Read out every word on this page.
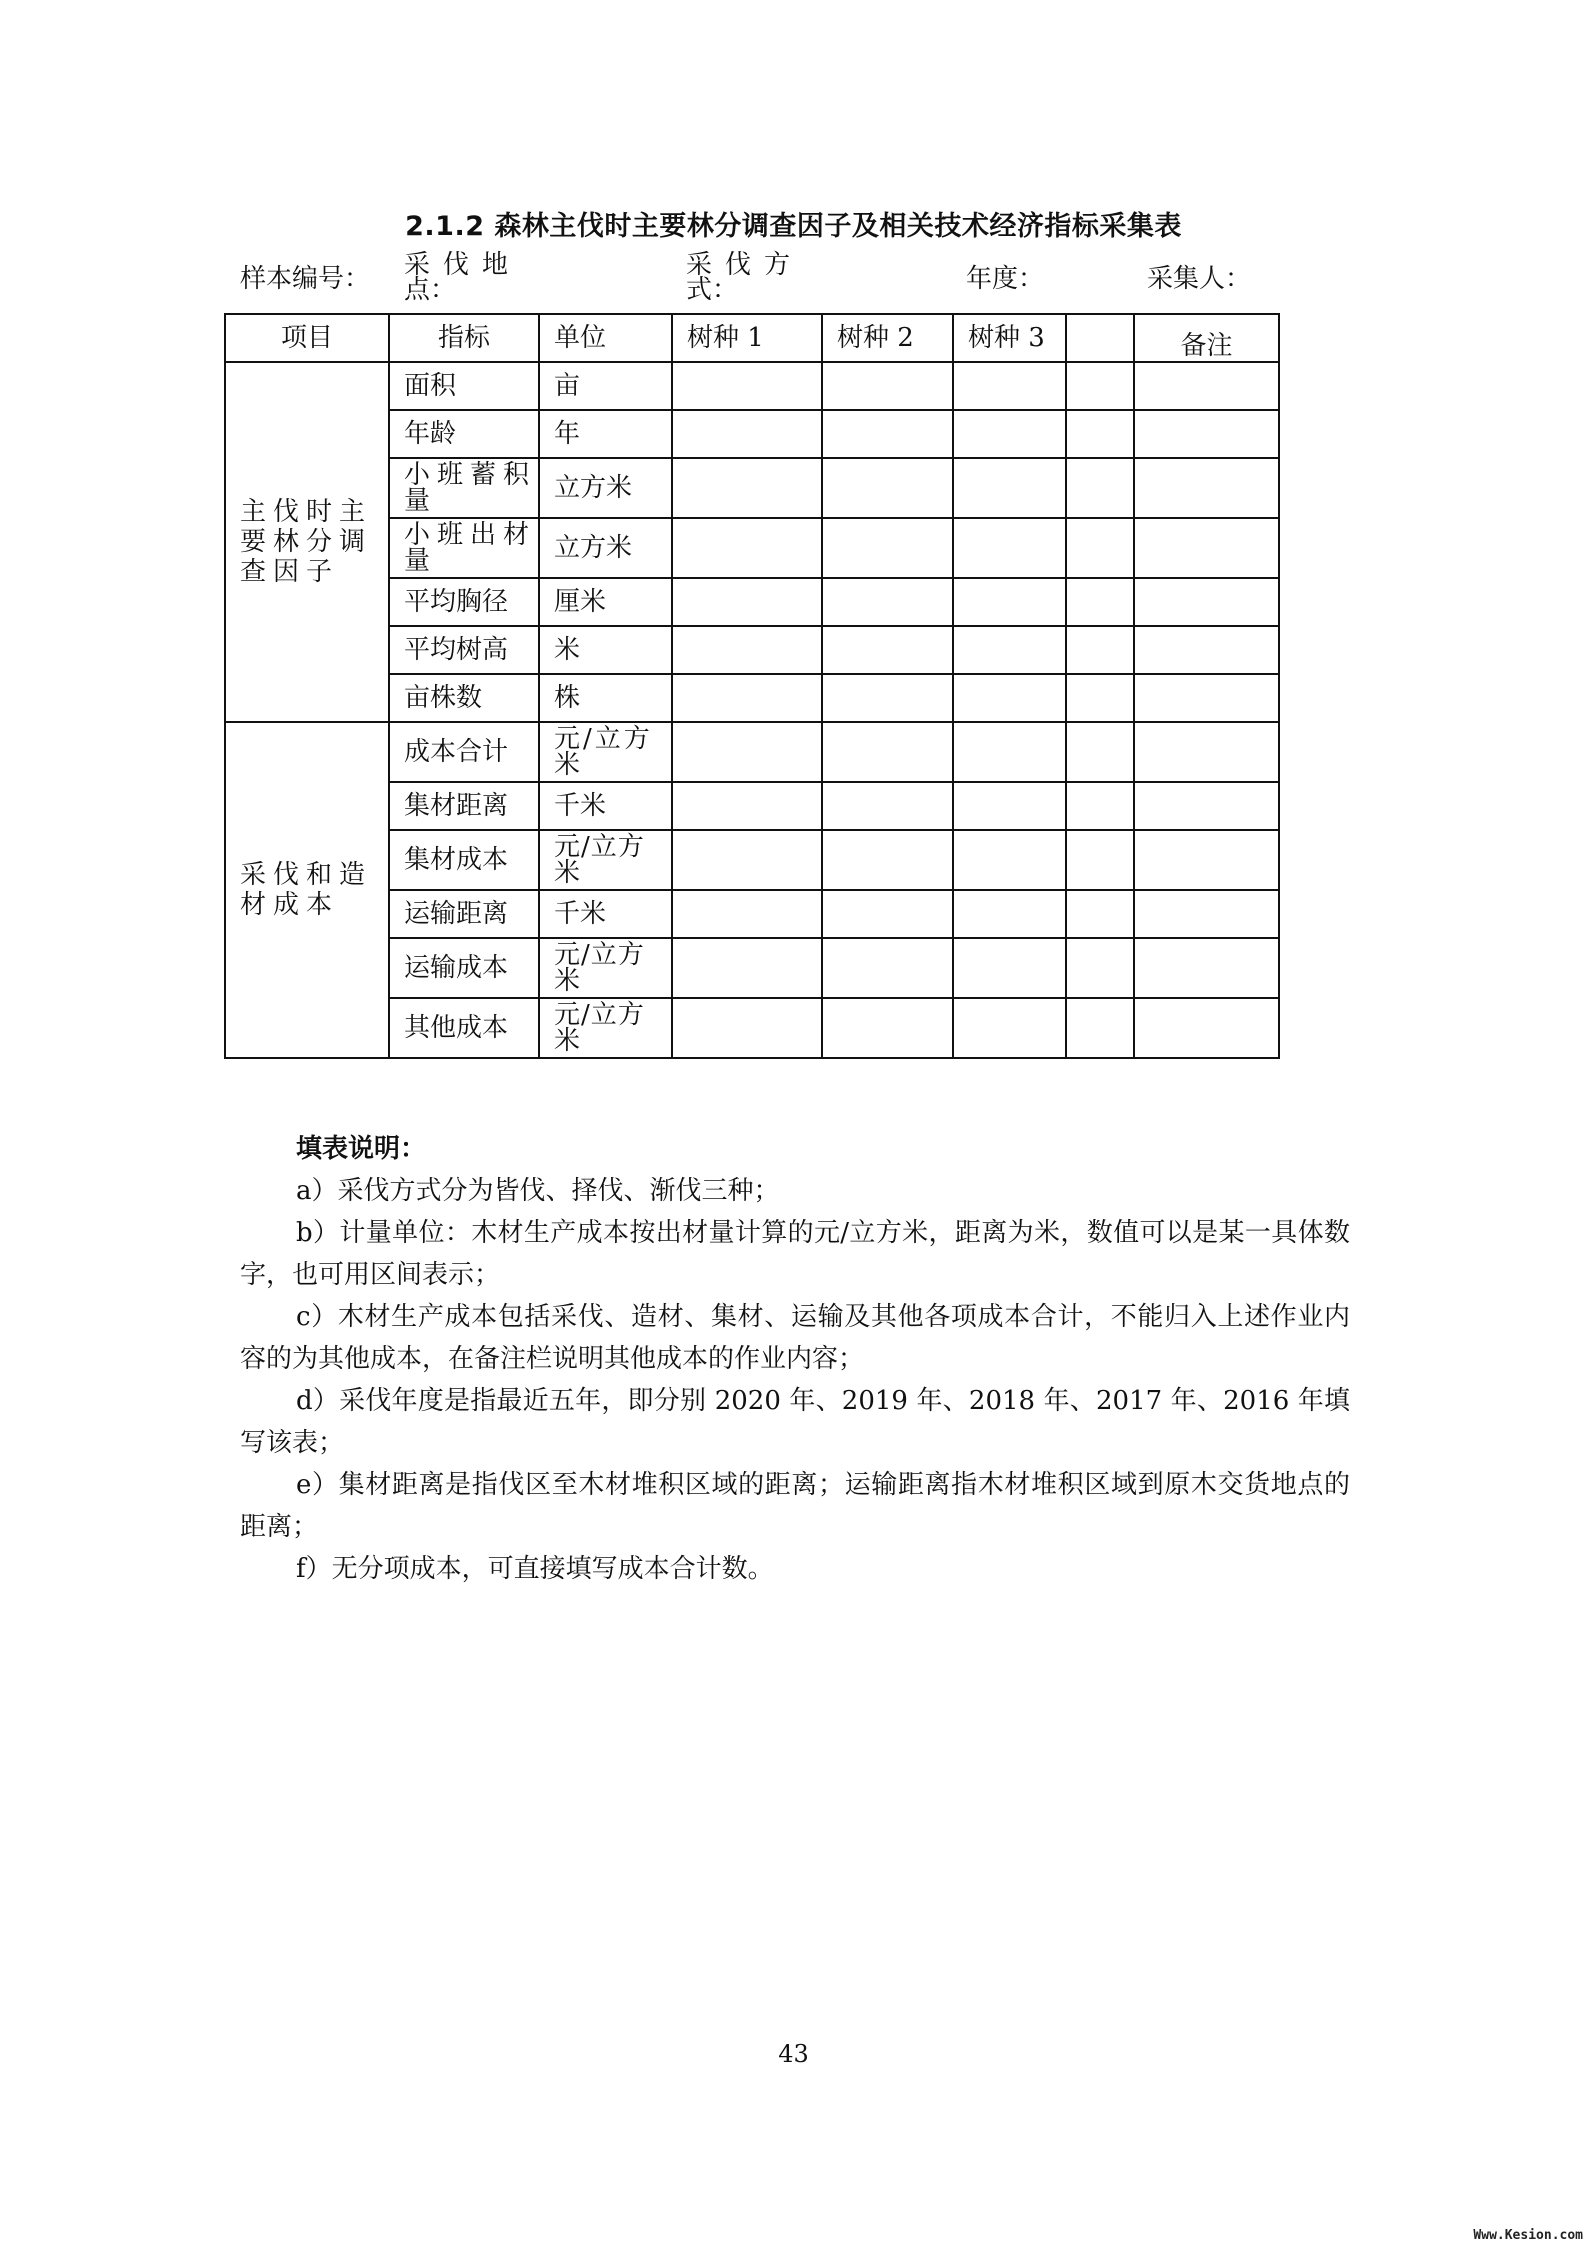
2.1.2 森林主伐时主要林分调查因子及相关技术经济指标采集表
样本编号： 采伐地
点：
采伐方
式：	年度：	采集人：
项目	指标	单位	树种 1	树种 2	树种 3		备注
主伐时主要林分调查因子	面积	亩					
	年龄	年					
	小班蓄积量	立方米					
	小班出材量	立方米					
	平均胸径	厘米					
	平均树高	米					
	亩株数	株					
采伐和造材成本	成本合计	元/立方米					
	集材距离	千米					
	集材成本	元/立方米					
	运输距离	千米					
	运输成本	元/立方米					
	其他成本	元/立方米					
填表说明：

a）采伐方式分为皆伐、择伐、渐伐三种；

b）计量单位：木材生产成本按出材量计算的元/立方米，距离为米，数值可以是某一具体数字，也可用区间表示；

c）木材生产成本包括采伐、造材、集材、运输及其他各项成本合计，不能归入上述作业内容的为其他成本，在备注栏说明其他成本的作业内容；

d）采伐年度是指最近五年，即分别 2020 年、2019 年、2018 年、2017 年、2016 年填写该表；

e）集材距离是指伐区至木材堆积区域的距离；运输距离指木材堆积区域到原木交货地点的距离；

f）无分项成本，可直接填写成本合计数。

43
Www.Kesion.com
